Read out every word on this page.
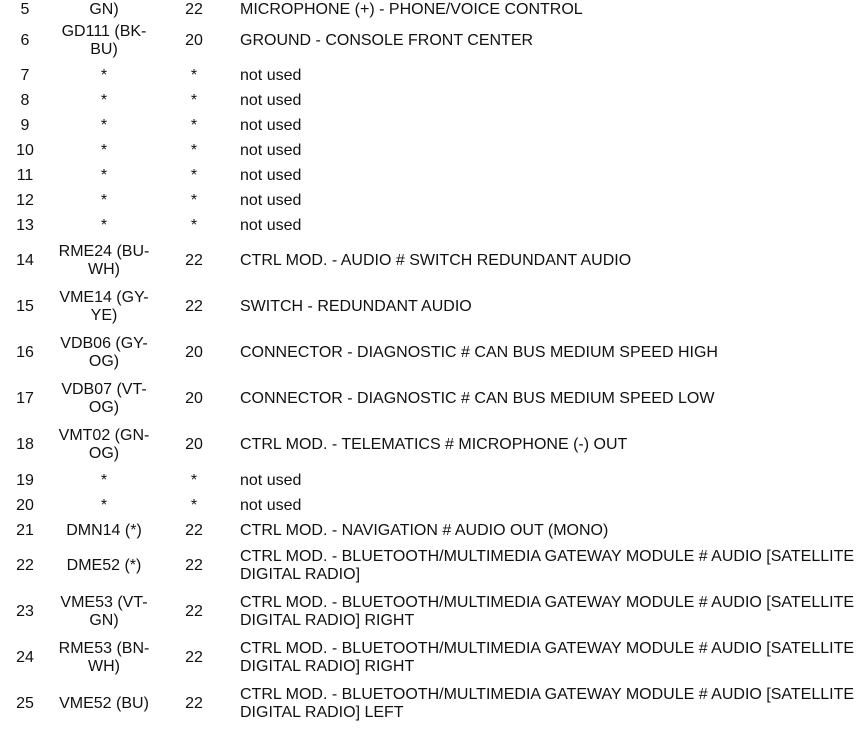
5	GN)	22	MICROPHONE (+) - PHONE/VOICE CONTROL
6	GD111 (BK-BU)	20	GROUND - CONSOLE FRONT CENTER
7	*	*	not used
8	*	*	not used
9	*	*	not used
10	*	*	not used
11	*	*	not used
12	*	*	not used
13	*	*	not used
14	RME24 (BU-WH)	22	CTRL MOD. - AUDIO # SWITCH REDUNDANT AUDIO
15	VME14 (GY-YE)	22	SWITCH - REDUNDANT AUDIO
16	VDB06 (GY-OG)	20	CONNECTOR - DIAGNOSTIC # CAN BUS MEDIUM SPEED HIGH
17	VDB07 (VT-OG)	20	CONNECTOR - DIAGNOSTIC # CAN BUS MEDIUM SPEED LOW
18	VMT02 (GN-OG)	20	CTRL MOD. - TELEMATICS # MICROPHONE (-) OUT
19	*	*	not used
20	*	*	not used
21	DMN14 (*)	22	CTRL MOD. - NAVIGATION # AUDIO OUT (MONO)
22	DME52 (*)	22	CTRL MOD. - BLUETOOTH/MULTIMEDIA GATEWAY MODULE # AUDIO [SATELLITE DIGITAL RADIO]
23	VME53 (VT-GN)	22	CTRL MOD. - BLUETOOTH/MULTIMEDIA GATEWAY MODULE # AUDIO [SATELLITE DIGITAL RADIO] RIGHT
24	RME53 (BN-WH)	22	CTRL MOD. - BLUETOOTH/MULTIMEDIA GATEWAY MODULE # AUDIO [SATELLITE DIGITAL RADIO] RIGHT
25	VME52 (BU)	22	CTRL MOD. - BLUETOOTH/MULTIMEDIA GATEWAY MODULE # AUDIO [SATELLITE DIGITAL RADIO] LEFT
